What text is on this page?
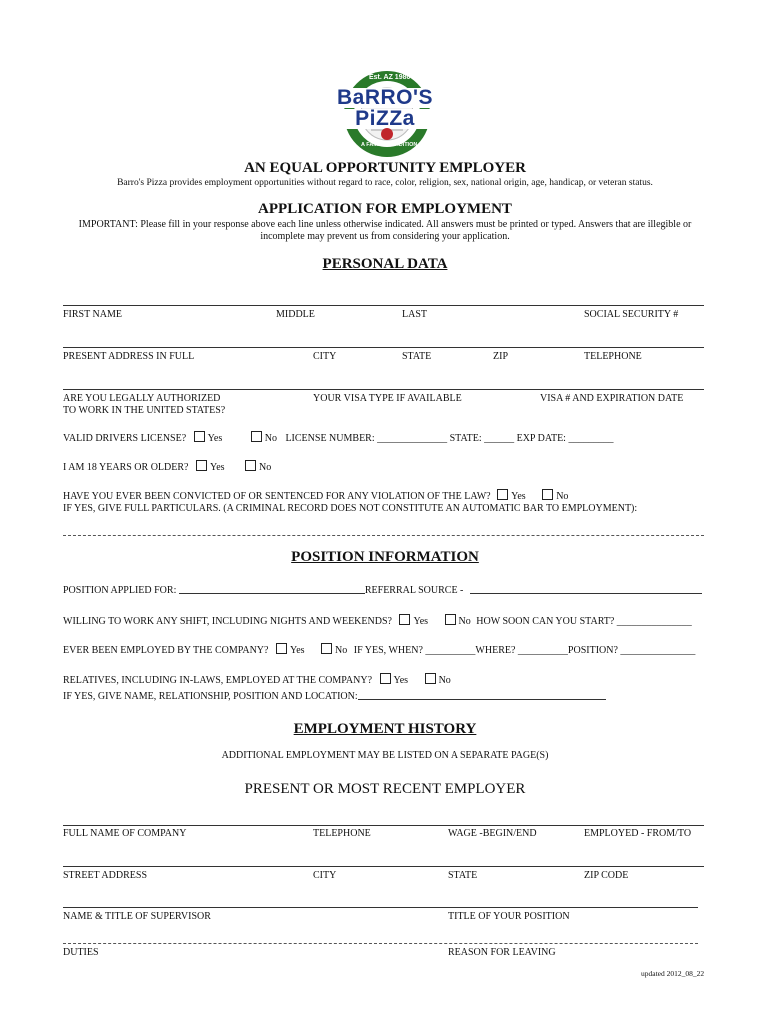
Est. AZ 1980
BaRRO'S
PiZZa
A FAMILY TRADITION
AN EQUAL OPPORTUNITY EMPLOYER
Barro's Pizza provides employment opportunities without regard to race, color, religion, sex, national origin, age, handicap, or veteran status.
APPLICATION FOR EMPLOYMENT
IMPORTANT: Please fill in your response above each line unless otherwise indicated. All answers must be printed or typed. Answers that are illegible or
incomplete may prevent us from considering your application.
PERSONAL DATA
FIRST NAME	MIDDLE	LAST	SOCIAL SECURITY #
PRESENT ADDRESS IN FULL	CITY	STATE	ZIP	TELEPHONE
ARE YOU LEGALLY AUTHORIZED
TO WORK IN THE UNITED STATES?
YOUR VISA TYPE IF AVAILABLE	VISA # AND EXPIRATION DATE
VALID DRIVERS LICENSE? Yes	No LICENSE NUMBER: ______________ STATE: ______ EXP DATE: _________
I AM 18 YEARS OR OLDER? Yes	No
HAVE YOU EVER BEEN CONVICTED OF OR SENTENCED FOR ANY VIOLATION OF THE LAW? Yes	No
IF YES, GIVE FULL PARTICULARS. (A CRIMINAL RECORD DOES NOT CONSTITUTE AN AUTOMATIC BAR TO EMPLOYMENT):
POSITION INFORMATION
POSITION APPLIED FOR:	REFERRAL SOURCE -
WILLING TO WORK ANY SHIFT, INCLUDING NIGHTS AND WEEKENDS? Yes	No HOW SOON CAN YOU START? _______________
EVER BEEN EMPLOYED BY THE COMPANY? Yes	No IF YES, WHEN? __________WHERE? __________POSITION? _______________
RELATIVES, INCLUDING IN-LAWS, EMPLOYED AT THE COMPANY? Yes	No
IF YES, GIVE NAME, RELATIONSHIP, POSITION AND LOCATION:
EMPLOYMENT HISTORY
ADDITIONAL EMPLOYMENT MAY BE LISTED ON A SEPARATE PAGE(S)
PRESENT OR MOST RECENT EMPLOYER
FULL NAME OF COMPANY	TELEPHONE	WAGE -BEGIN/END	EMPLOYED - FROM/TO
STREET ADDRESS	CITY	STATE	ZIP CODE
NAME & TITLE OF SUPERVISOR	TITLE OF YOUR POSITION
DUTIES	REASON FOR LEAVING
updated 2012_08_22
